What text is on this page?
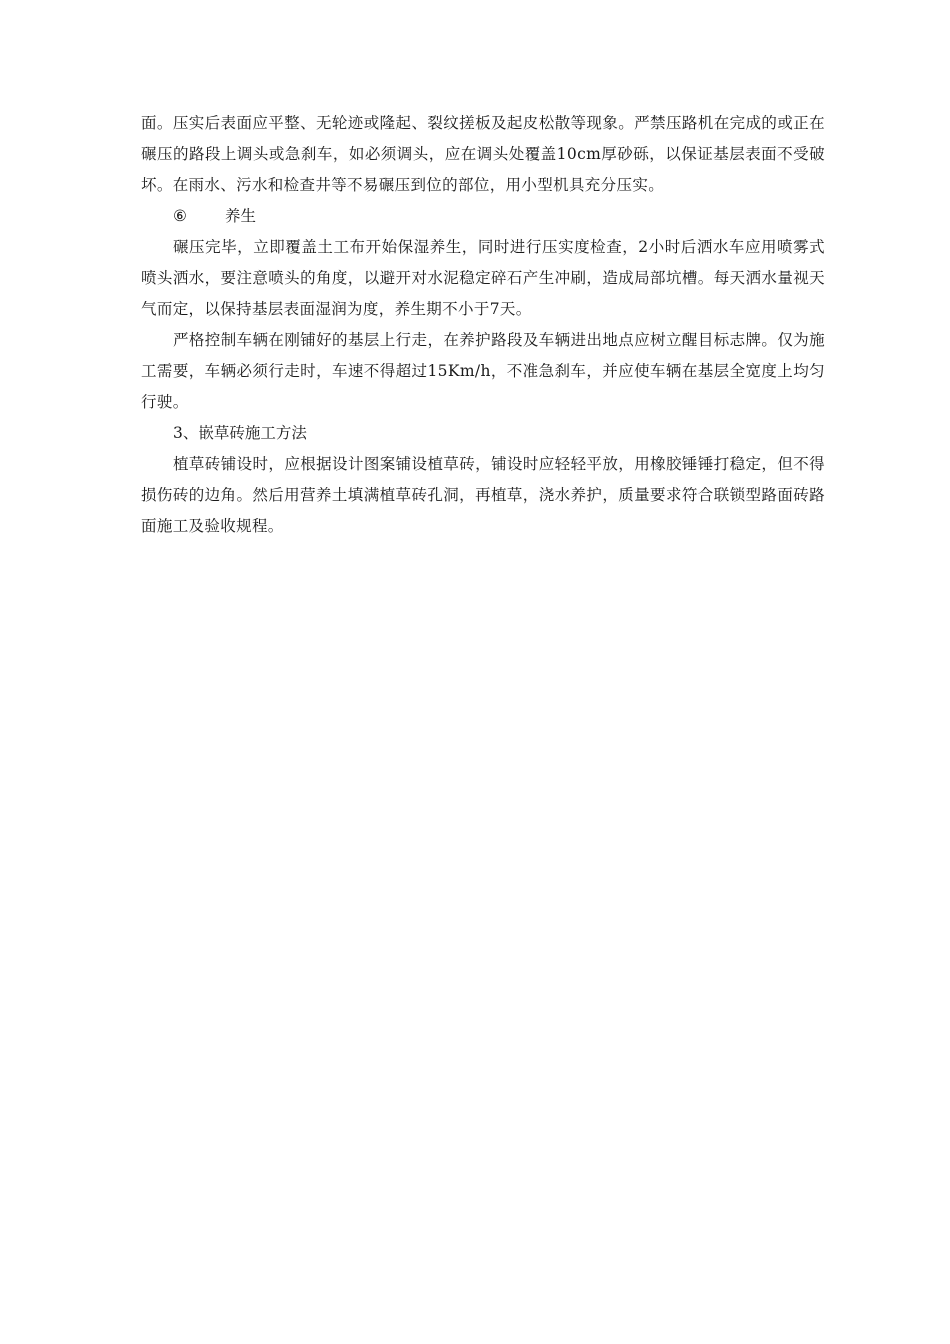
面。压实后表面应平整、无轮迹或隆起、裂纹搓板及起皮松散等现象。严禁压路机在完成的或正在碾压的路段上调头或急刹车，如必须调头，应在调头处覆盖10cm厚砂砾，以保证基层表面不受破坏。在雨水、污水和检查井等不易碾压到位的部位，用小型机具充分压实。

⑥ 养生

碾压完毕，立即覆盖土工布开始保湿养生，同时进行压实度检查，2小时后洒水车应用喷雾式喷头洒水，要注意喷头的角度，以避开对水泥稳定碎石产生冲刷，造成局部坑槽。每天洒水量视天气而定，以保持基层表面湿润为度，养生期不小于7天。

严格控制车辆在刚铺好的基层上行走，在养护路段及车辆进出地点应树立醒目标志牌。仅为施工需要，车辆必须行走时，车速不得超过15Km/h，不准急刹车，并应使车辆在基层全宽度上均匀行驶。

3、嵌草砖施工方法

植草砖铺设时，应根据设计图案铺设植草砖，铺设时应轻轻平放，用橡胶锤锤打稳定，但不得损伤砖的边角。然后用营养土填满植草砖孔洞，再植草，浇水养护，质量要求符合联锁型路面砖路面施工及验收规程。
